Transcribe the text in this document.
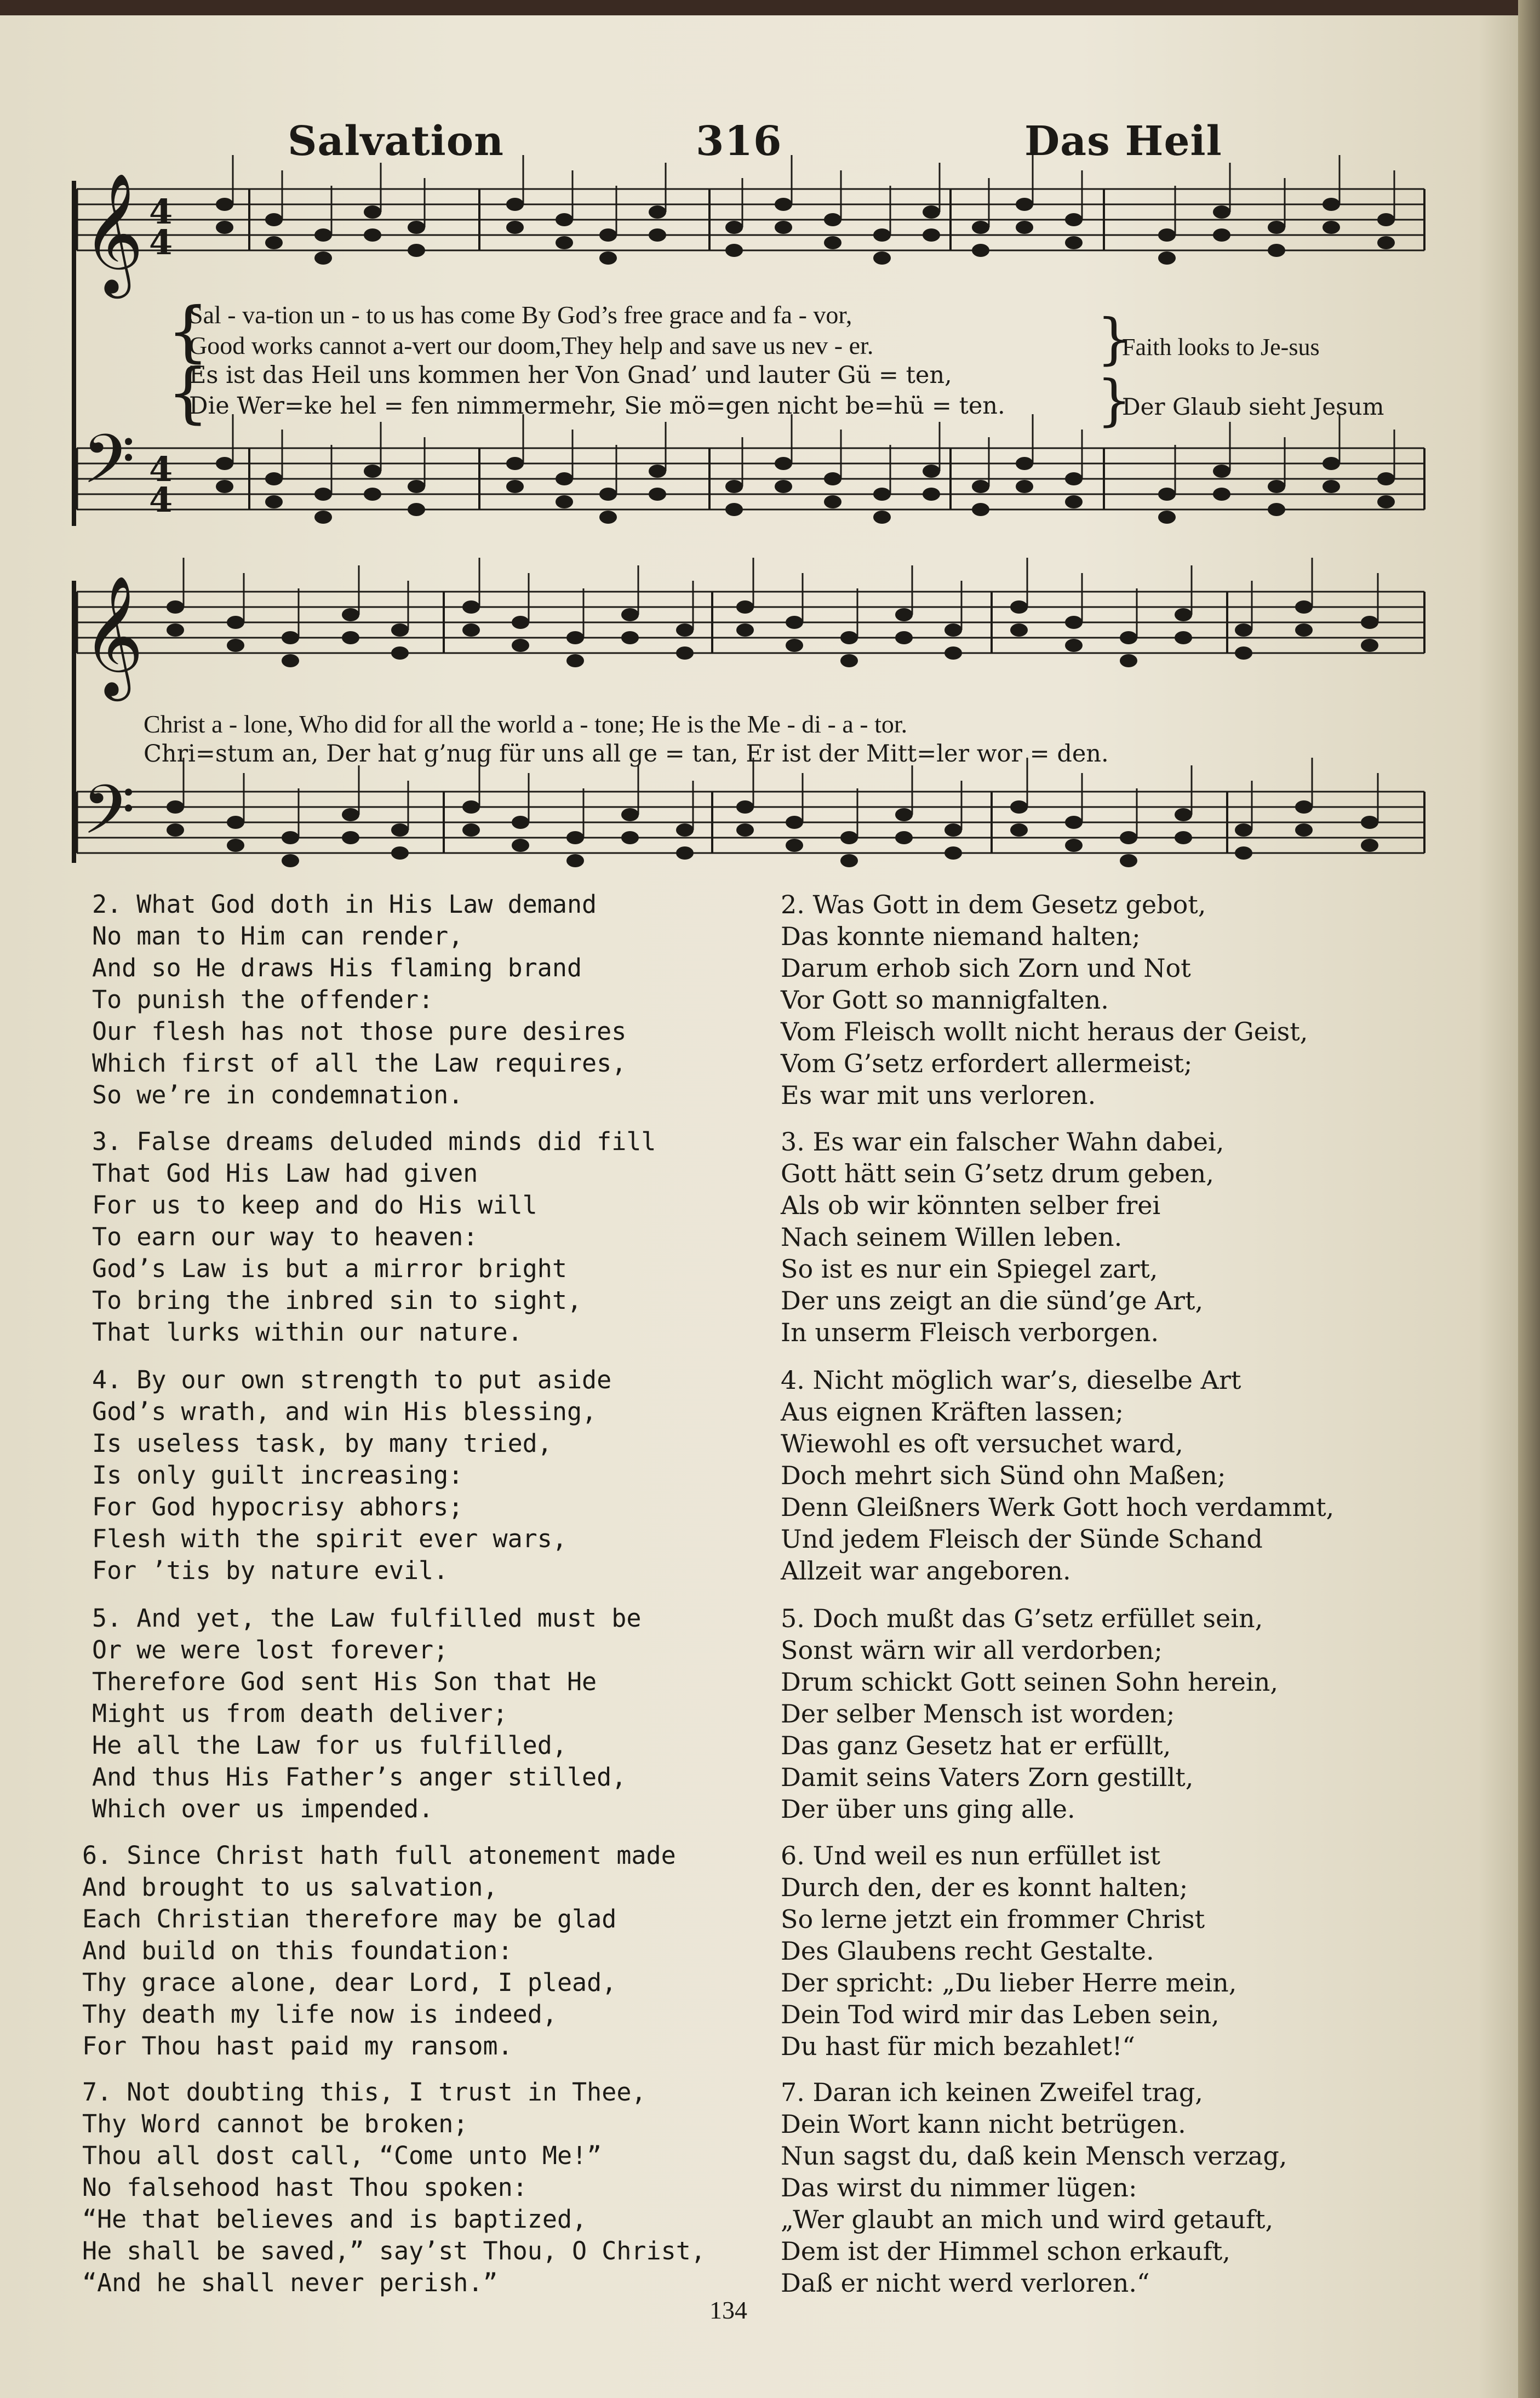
Salvation	316	Das Heil
𝄞
𝄢
𝄞
𝄢
4
4
4
4
{
{
Sal - va-tion un - to us has come By God’s free grace and fa - vor,
Good works cannot a-vert our doom,They help and save us nev - er.
Es ist das Heil uns kommen her Von Gnad’ und lauter Gü = ten,
Die Wer=ke hel = fen nimmermehr, Sie mö=gen nicht be=hü = ten.
}
}
Faith looks to Je-sus
Der Glaub sieht Jesum
Christ a - lone, Who did for all the world a - tone; He is the Me - di - a - tor.
Chri=stum an, Der hat g’nug für uns all ge = tan, Er ist der Mitt=ler wor = den.
2. What God doth in His Law demand
No man to Him can render,
And so He draws His flaming brand
To punish the offender:
Our flesh has not those pure desires
Which first of all the Law requires,
So we’re in condemnation.
3. False dreams deluded minds did fill
That God His Law had given
For us to keep and do His will
To earn our way to heaven:
God’s Law is but a mirror bright
To bring the inbred sin to sight,
That lurks within our nature.
4. By our own strength to put aside
God’s wrath, and win His blessing,
Is useless task, by many tried,
Is only guilt increasing:
For God hypocrisy abhors;
Flesh with the spirit ever wars,
For ’tis by nature evil.
5. And yet, the Law fulfilled must be
Or we were lost forever;
Therefore God sent His Son that He
Might us from death deliver;
He all the Law for us fulfilled,
And thus His Father’s anger stilled,
Which over us impended.
6. Since Christ hath full atonement made
And brought to us salvation,
Each Christian therefore may be glad
And build on this foundation:
Thy grace alone, dear Lord, I plead,
Thy death my life now is indeed,
For Thou hast paid my ransom.
7. Not doubting this, I trust in Thee,
Thy Word cannot be broken;
Thou all dost call, “Come unto Me!”
No falsehood hast Thou spoken:
“He that believes and is baptized,
He shall be saved,” say’st Thou, O Christ,
“And he shall never perish.”
2. Was Gott in dem Gesetz gebot,
Das konnte niemand halten;
Darum erhob sich Zorn und Not
Vor Gott so mannigfalten.
Vom Fleisch wollt nicht heraus der Geist,
Vom G’setz erfordert allermeist;
Es war mit uns verloren.
3. Es war ein falscher Wahn dabei,
Gott hätt sein G’setz drum geben,
Als ob wir könnten selber frei
Nach seinem Willen leben.
So ist es nur ein Spiegel zart,
Der uns zeigt an die sünd’ge Art,
In unserm Fleisch verborgen.
4. Nicht möglich war’s, dieselbe Art
Aus eignen Kräften lassen;
Wiewohl es oft versuchet ward,
Doch mehrt sich Sünd ohn Maßen;
Denn Gleißners Werk Gott hoch verdammt,
Und jedem Fleisch der Sünde Schand
Allzeit war angeboren.
5. Doch mußt das G’setz erfüllet sein,
Sonst wärn wir all verdorben;
Drum schickt Gott seinen Sohn herein,
Der selber Mensch ist worden;
Das ganz Gesetz hat er erfüllt,
Damit seins Vaters Zorn gestillt,
Der über uns ging alle.
6. Und weil es nun erfüllet ist
Durch den, der es konnt halten;
So lerne jetzt ein frommer Christ
Des Glaubens recht Gestalte.
Der spricht: „Du lieber Herre mein,
Dein Tod wird mir das Leben sein,
Du hast für mich bezahlet!“
7. Daran ich keinen Zweifel trag,
Dein Wort kann nicht betrügen.
Nun sagst du, daß kein Mensch verzag,
Das wirst du nimmer lügen:
„Wer glaubt an mich und wird getauft,
Dem ist der Himmel schon erkauft,
Daß er nicht werd verloren.“
134
